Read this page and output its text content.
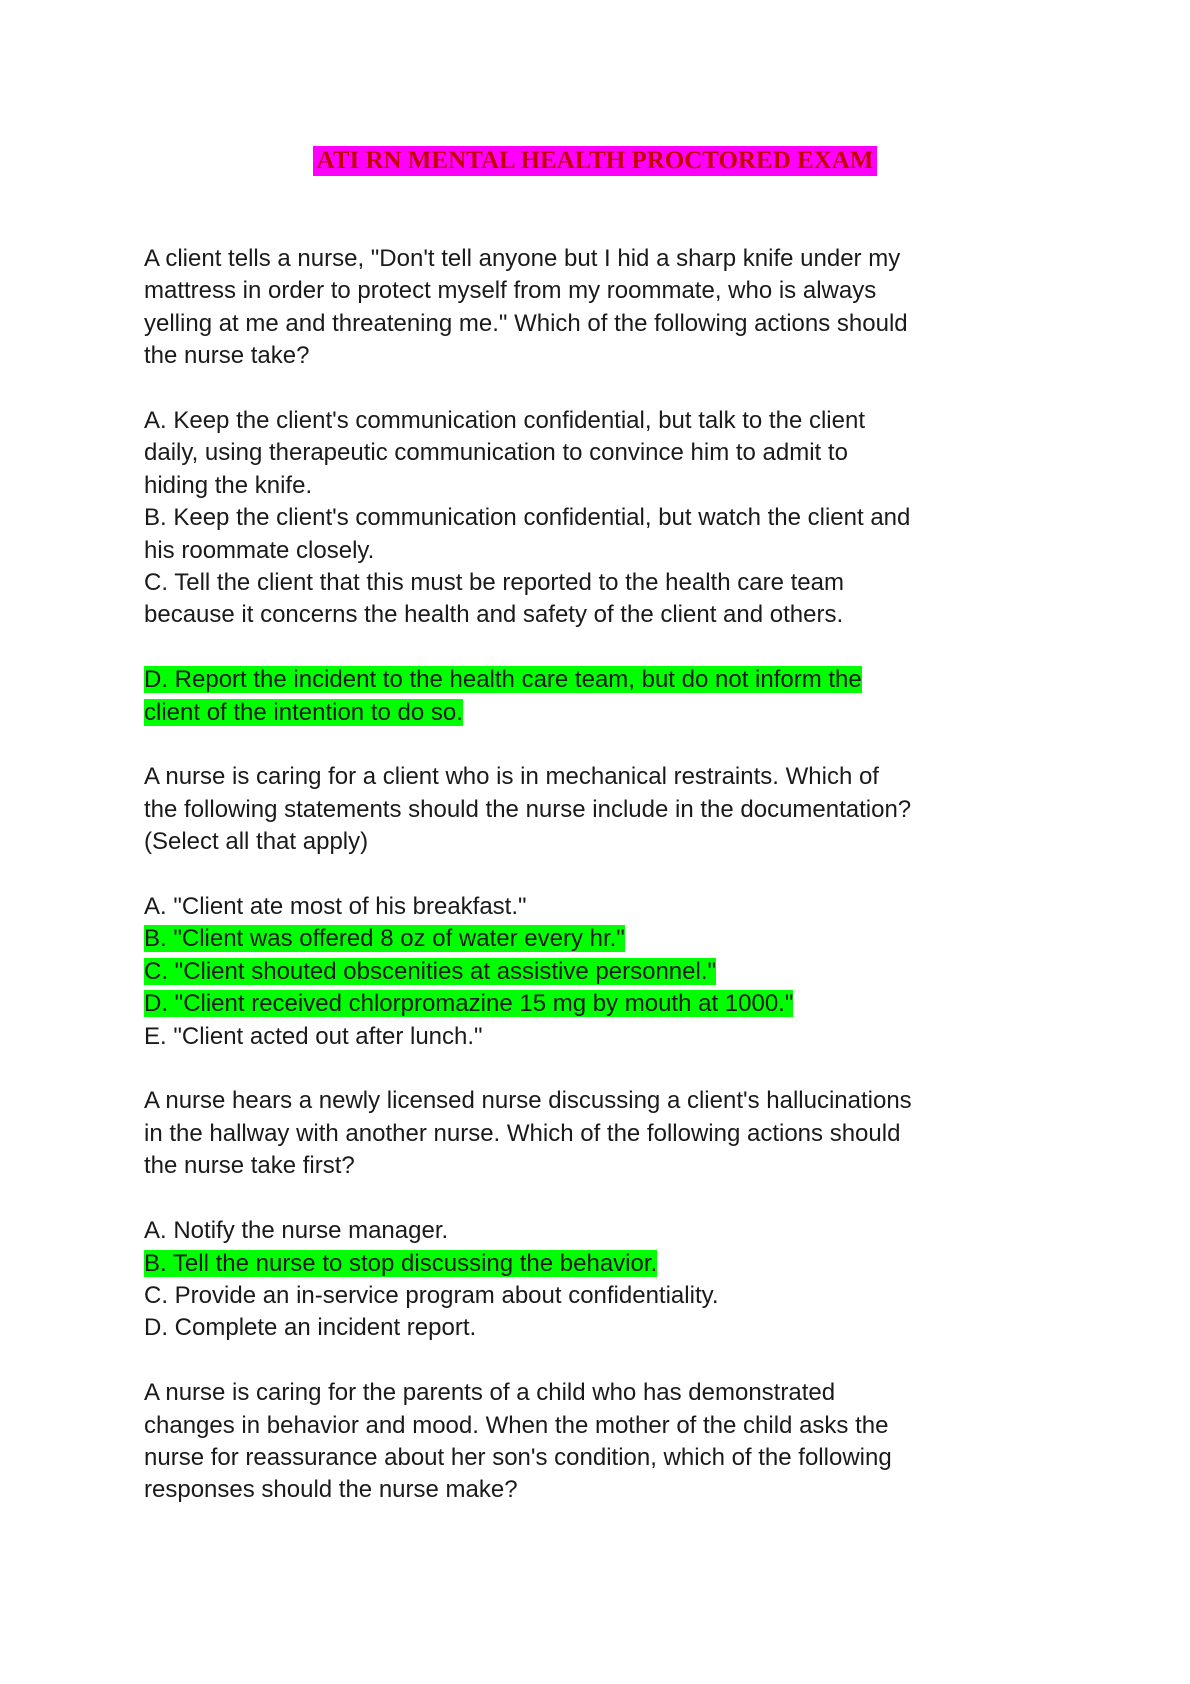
ATI RN MENTAL HEALTH PROCTORED EXAM
A client tells a nurse, "Don't tell anyone but I hid a sharp knife under my
mattress in order to protect myself from my roommate, who is always
yelling at me and threatening me." Which of the following actions should
the nurse take?
A. Keep the client's communication confidential, but talk to the client
daily, using therapeutic communication to convince him to admit to
hiding the knife.
B. Keep the client's communication confidential, but watch the client and
his roommate closely.
C. Tell the client that this must be reported to the health care team
because it concerns the health and safety of the client and others.
D. Report the incident to the health care team, but do not inform the
client of the intention to do so.
A nurse is caring for a client who is in mechanical restraints. Which of
the following statements should the nurse include in the documentation?
(Select all that apply)
A. "Client ate most of his breakfast."
B. "Client was offered 8 oz of water every hr."
C. "Client shouted obscenities at assistive personnel."
D. "Client received chlorpromazine 15 mg by mouth at 1000."
E. "Client acted out after lunch."
A nurse hears a newly licensed nurse discussing a client's hallucinations
in the hallway with another nurse. Which of the following actions should
the nurse take first?
A. Notify the nurse manager.
B. Tell the nurse to stop discussing the behavior.
C. Provide an in-service program about confidentiality.
D. Complete an incident report.
A nurse is caring for the parents of a child who has demonstrated
changes in behavior and mood. When the mother of the child asks the
nurse for reassurance about her son's condition, which of the following
responses should the nurse make?
